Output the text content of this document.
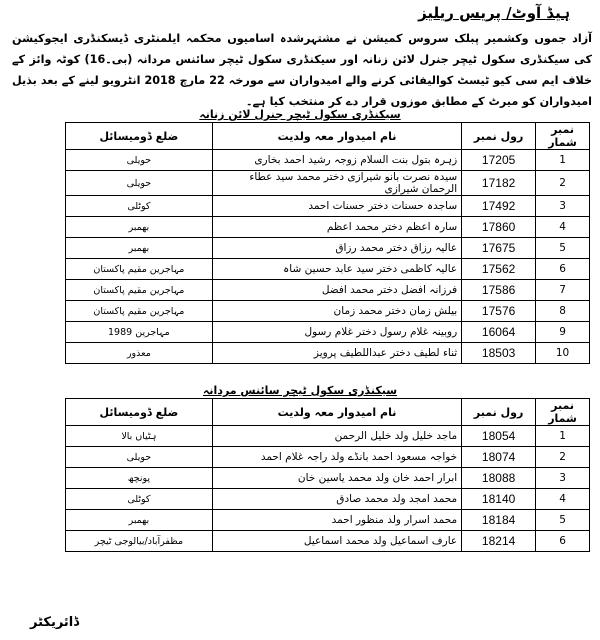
ہیڈ آوٹ/ پریس ریلیز

آزاد جموں وکشمیر پبلک سروس کمیشن نے مشتہرشدہ اسامیوں محکمہ ایلمنٹری ڈیسکنڈری ایجوکیشن کی سیکنڈری سکول ٹیچر جنرل لائن زنانہ اور سیکنڈری سکول ٹیچر سائنس مردانہ (بی۔16) کوٹہ وائز کے خلاف ایم سی کیو ٹیسٹ کوالیفائی کرنے والے امیدواران سے مورخہ 22 مارچ 2018 انٹرویو لینے کے بعد بذیل امیدواران کو میرٹ کے مطابق موزوں قرار دے کر منتخب کیا ہے۔

سیکنڈری سکول ٹیچر جنرل لائن زنانہ
نمبر شمار	رول نمبر	نام امیدوار معہ ولدیت	ضلع ڈومیسائل
1	17205	زہرہ بتول بنت السلام زوجہ رشید احمد بخاری	حویلی
2	17182	سیدہ نصرت بانو شیرازی دختر محمد سید عطاء الرحمان شیرازی	حویلی
3	17492	ساجدہ حسنات دختر حسنات احمد	کوٹلی
4	17860	سارہ اعظم دختر محمد اعظم	بھمبر
5	17675	عالیہ رزاق دختر محمد رزاق	بھمبر
6	17562	عالیہ کاظمی دختر سید عابد حسین شاہ	مہاجرین مقیم پاکستان
7	17586	فرزانہ افضل دختر محمد افضل	مہاجرین مقیم پاکستان
8	17576	بیلش زمان دختر محمد زمان	مہاجرین مقیم پاکستان
9	16064	روبینہ غلام رسول دختر غلام رسول	مہاجرین 1989
10	18503	ثناء لطیف دختر عبداللطیف پرویز	معذور
سیکنڈری سکول ٹیچر سائنس مردانہ
نمبر شمار	رول نمبر	نام امیدوار معہ ولدیت	ضلع ڈومیسائل
1	18054	ماجد خلیل ولد خلیل الرحمن	ہٹیاں بالا
2	18074	خواجہ مسعود احمد بانڈے ولد راجہ غلام احمد	حویلی
3	18088	ابرار احمد خان ولد محمد یاسین خان	پونچھ
4	18140	محمد امجد ولد محمد صادق	کوٹلی
5	18184	محمد اسرار ولد منظور احمد	بھمبر
6	18214	عارف اسماعیل ولد محمد اسماعیل	مظفرآباد/بیالوجی ٹیچر
ڈائریکٹر
